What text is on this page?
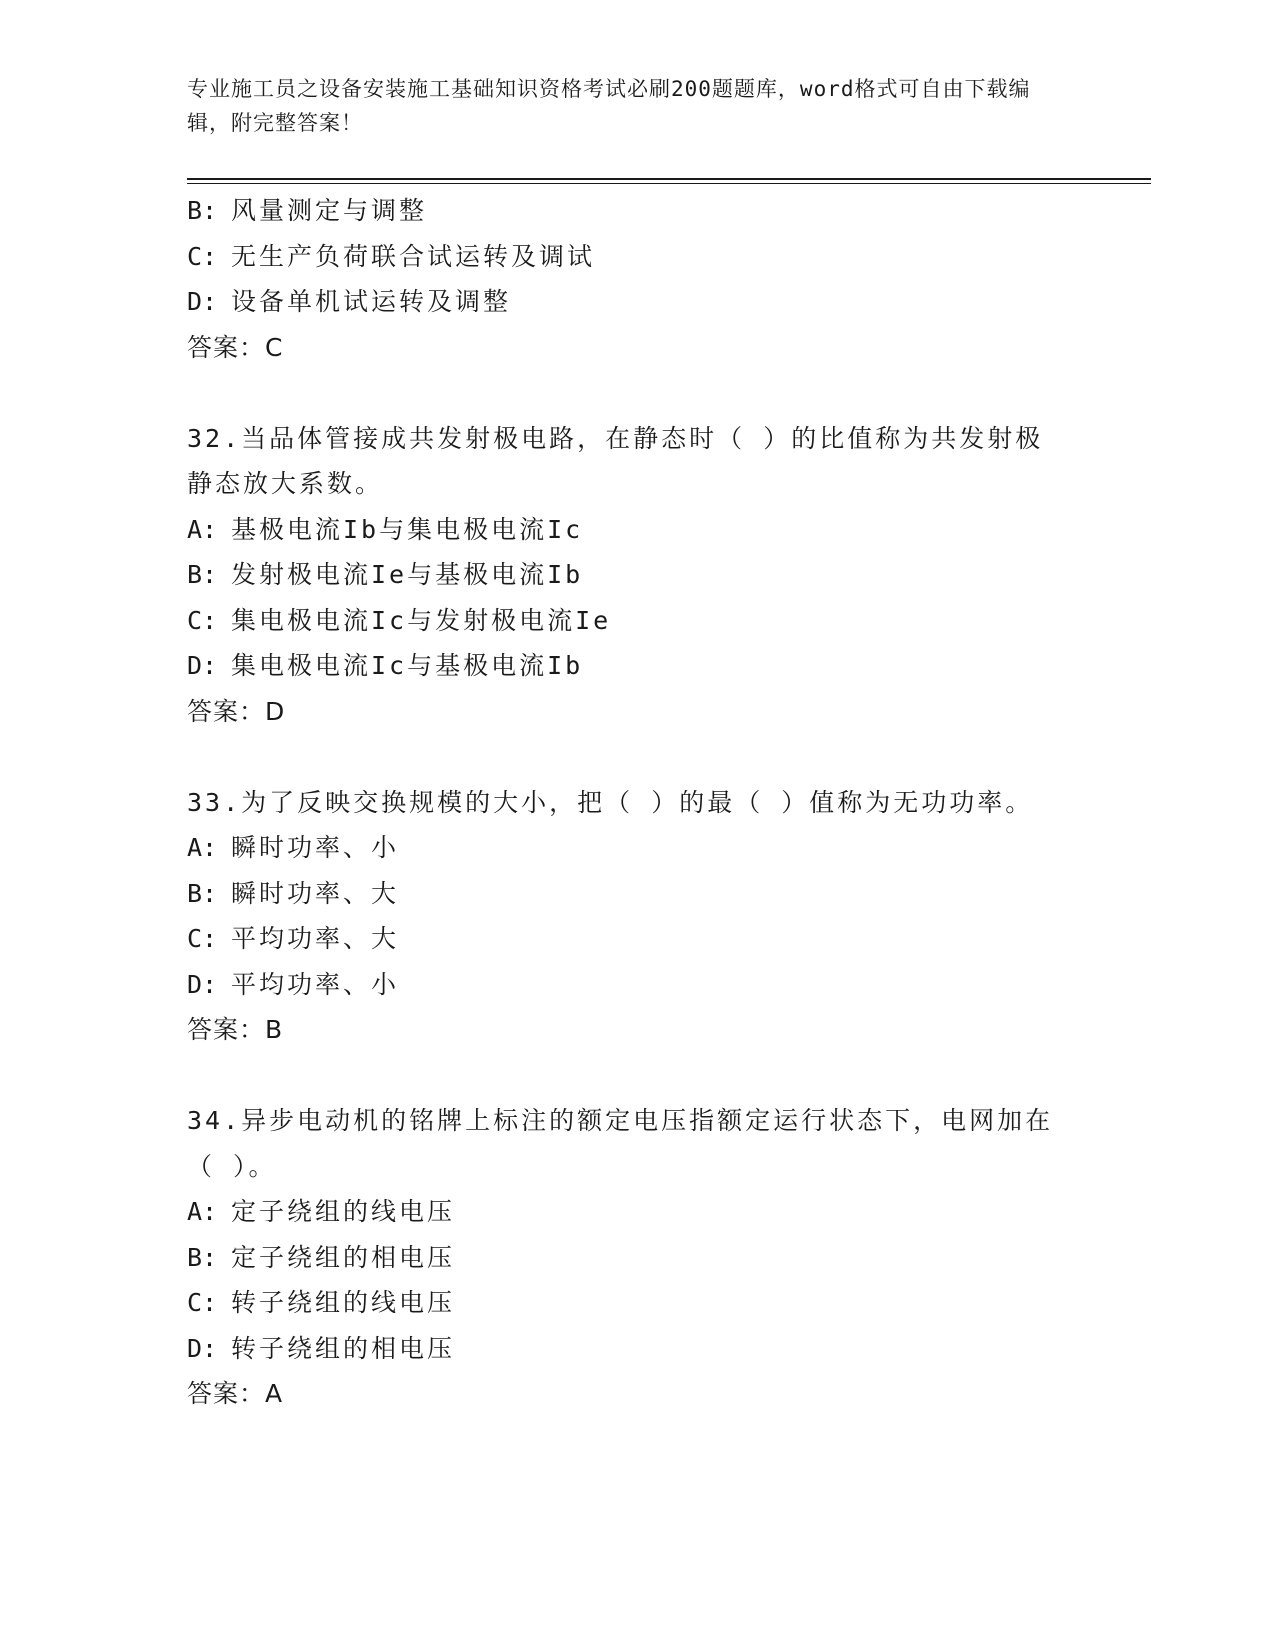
专业施工员之设备安装施工基础知识资格考试必刷200题题库，word格式可自由下载编辑，附完整答案！
B: 风量测定与调整
C: 无生产负荷联合试运转及调试
D: 设备单机试运转及调整
答案：C
32.当品体管接成共发射极电路，在静态时（ ）的比值称为共发射极静态放大系数。
A: 基极电流Ib与集电极电流Ic
B: 发射极电流Ie与基极电流Ib
C: 集电极电流Ic与发射极电流Ie
D: 集电极电流Ic与基极电流Ib
答案：D
33.为了反映交换规模的大小，把（ ）的最（ ）值称为无功功率。
A: 瞬时功率、小
B: 瞬时功率、大
C: 平均功率、大
D: 平均功率、小
答案：B
34.异步电动机的铭牌上标注的额定电压指额定运行状态下，电网加在（ ）。
A: 定子绕组的线电压
B: 定子绕组的相电压
C: 转子绕组的线电压
D: 转子绕组的相电压
答案：A
